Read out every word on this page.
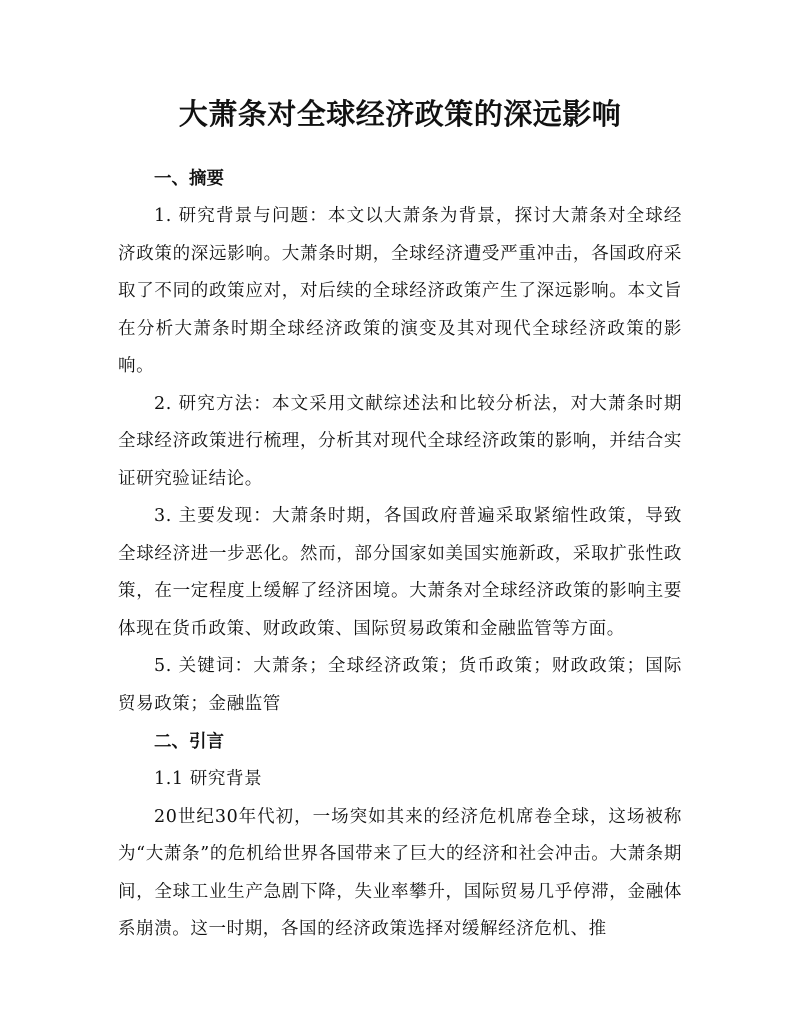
大萧条对全球经济政策的深远影响
一、摘要

1. 研究背景与问题：本文以大萧条为背景，探讨大萧条对全球经济政策的深远影响。大萧条时期，全球经济遭受严重冲击，各国政府采取了不同的政策应对，对后续的全球经济政策产生了深远影响。本文旨在分析大萧条时期全球经济政策的演变及其对现代全球经济政策的影响。

2. 研究方法：本文采用文献综述法和比较分析法，对大萧条时期全球经济政策进行梳理，分析其对现代全球经济政策的影响，并结合实证研究验证结论。

3. 主要发现：大萧条时期，各国政府普遍采取紧缩性政策，导致全球经济进一步恶化。然而，部分国家如美国实施新政，采取扩张性政策，在一定程度上缓解了经济困境。大萧条对全球经济政策的影响主要体现在货币政策、财政政策、国际贸易政策和金融监管等方面。

5. 关键词：大萧条；全球经济政策；货币政策；财政政策；国际贸易政策；金融监管

二、引言

1.1 研究背景

20世纪30年代初，一场突如其来的经济危机席卷全球，这场被称为“大萧条”的危机给世界各国带来了巨大的经济和社会冲击。大萧条期间，全球工业生产急剧下降，失业率攀升，国际贸易几乎停滞，金融体系崩溃。这一时期，各国的经济政策选择对缓解经济危机、推
